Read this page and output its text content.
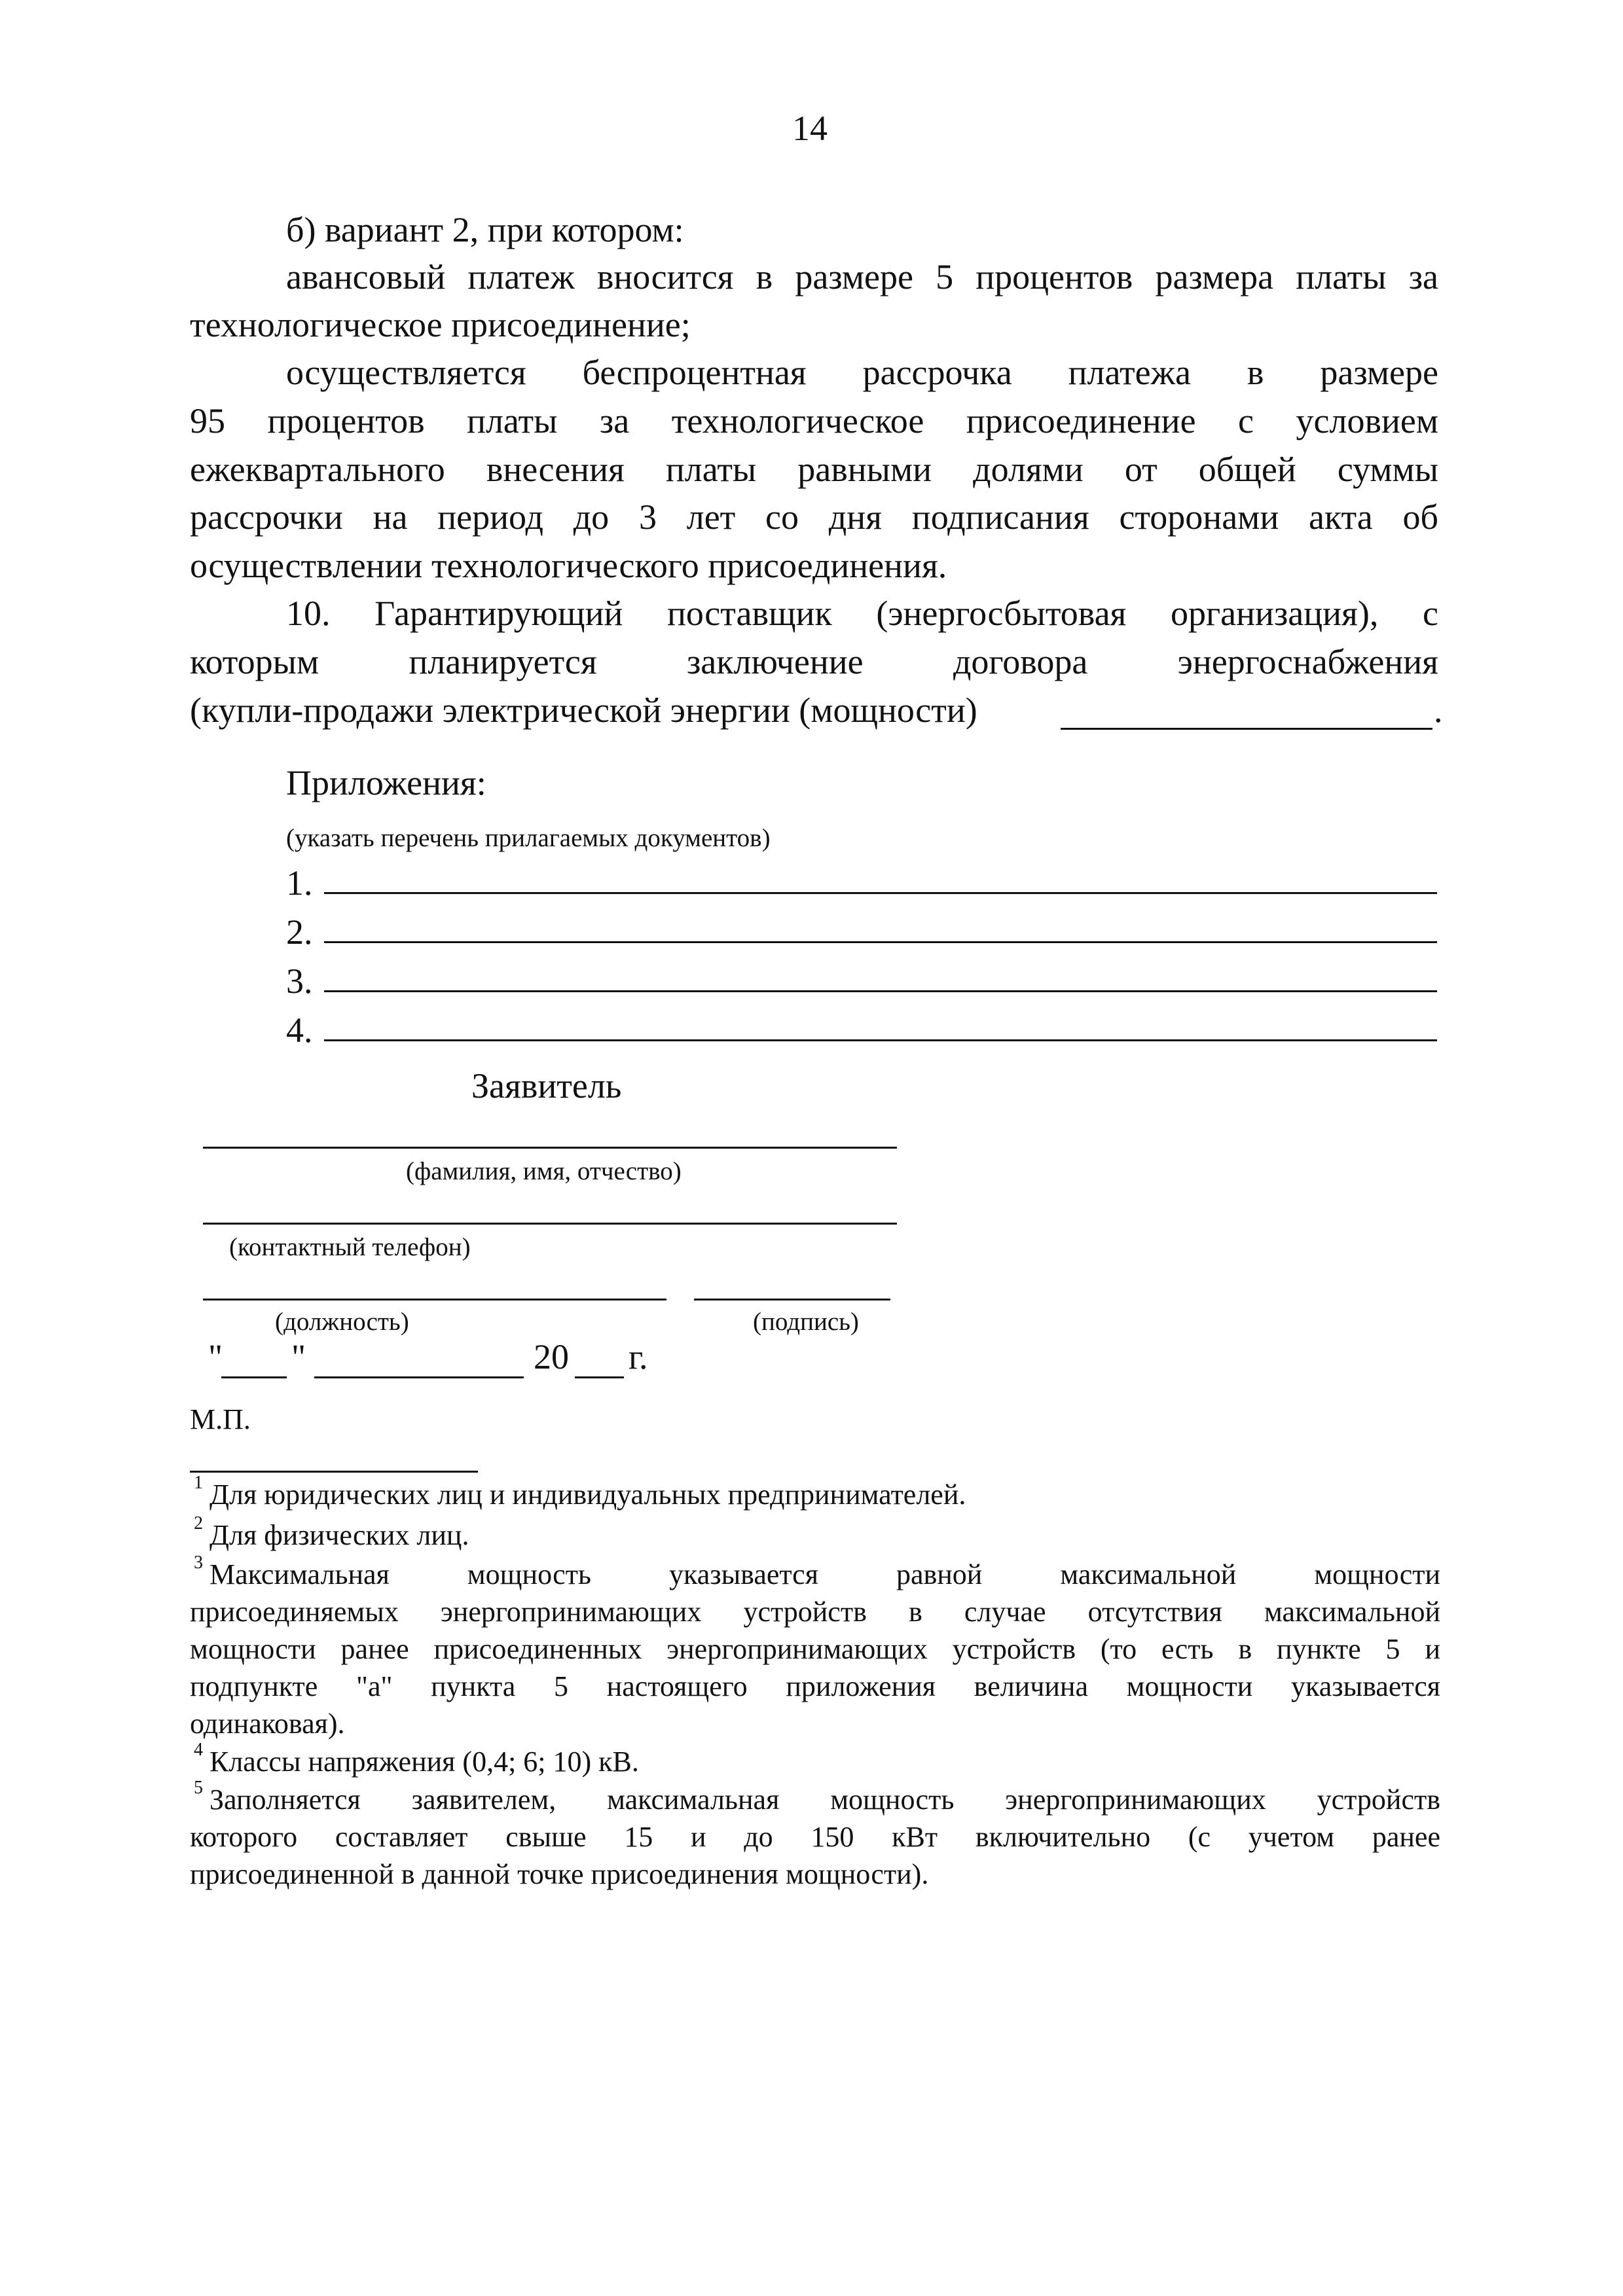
14
б) вариант 2, при котором:
авансовый платеж вносится в размере 5 процентов размера платы за
технологическое присоединение;
осуществляется беспроцентная рассрочка платежа в размере
95 процентов платы за технологическое присоединение с условием
ежеквартального внесения платы равными долями от общей суммы
рассрочки на период до 3 лет со дня подписания сторонами акта об
осуществлении технологического присоединения.
10. Гарантирующий поставщик (энергосбытовая организация), с
которым планируется заключение договора энергоснабжения
(купли-продажи электрической энергии (мощности)	.
Приложения:
(указать перечень прилагаемых документов)
1.
2.
3.
4.
Заявитель
(фамилия, имя, отчество)
(контактный телефон)
(должность)	(подпись)
" "	20 г.
М.П.
1 Для юридических лиц и индивидуальных предпринимателей.
2 Для физических лиц.
3 Максимальная мощность указывается равной максимальной мощности
присоединяемых энергопринимающих устройств в случае отсутствия максимальной
мощности ранее присоединенных энергопринимающих устройств (то есть в пункте 5 и
подпункте "а" пункта 5 настоящего приложения величина мощности указывается
одинаковая).
4 Классы напряжения (0,4; 6; 10) кВ.
5 Заполняется заявителем, максимальная мощность энергопринимающих устройств
которого составляет свыше 15 и до 150 кВт включительно (с учетом ранее
присоединенной в данной точке присоединения мощности).
